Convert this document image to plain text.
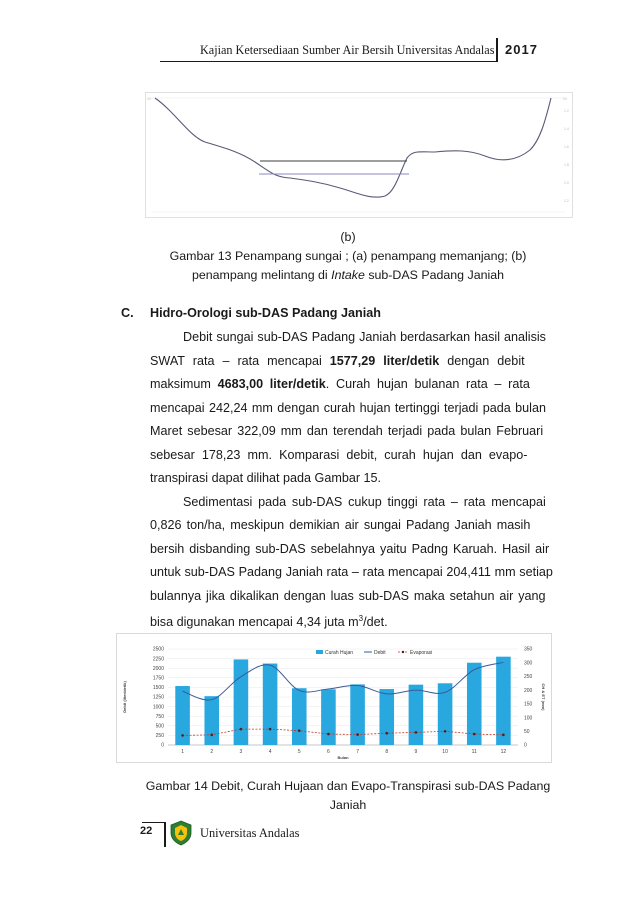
Kajian Ketersediaan Sumber Air Bersih Universitas Andalas 2017
00	00
1.2
1.4
1.6
1.8
2.0
2.2
(b)
Gambar 13 Penampang sungai ; (a) penampang memanjang; (b)
penampang melintang di Intake sub-DAS Padang Janiah
C. Hidro-Orologi sub-DAS Padang Janiah
Debit sungai sub-DAS Padang Janiah berdasarkan hasil analisis
SWAT rata – rata mencapai 1577,29 liter/detik dengan debit
maksimum 4683,00 liter/detik. Curah hujan bulanan rata – rata
mencapai 242,24 mm dengan curah hujan tertinggi terjadi pada bulan
Maret sebesar 322,09 mm dan terendah terjadi pada bulan Februari
sebesar 178,23 mm. Komparasi debit, curah hujan dan evapo-
transpirasi dapat dilihat pada Gambar 15.
Sedimentasi pada sub-DAS cukup tinggi rata – rata mencapai
0,826 ton/ha, meskipun demikian air sungai Padang Janiah masih
bersih disbanding sub-DAS sebelahnya yaitu Padng Karuah. Hasil air
untuk sub-DAS Padang Janiah rata – rata mencapai 204,411 mm setiap
bulannya jika dikalikan dengan luas sub-DAS maka setahun air yang
bisa digunakan mencapai 4,34 juta $m^3/\det$.
0
250
500
750
1000
1250
1500
1750
2000
2250
2500
0
50
100
150
200
250
300
350
1	2	3	4	5	6	7	8	9	10	11	12
Bulan
Debit (liter/detik)	CH & ET (mm)
Curah Hujan	Debit	Evaporasi
Gambar 14 Debit, Curah Hujaan dan Evapo-Transpirasi sub-DAS Padang
Janiah
22	Universitas Andalas
